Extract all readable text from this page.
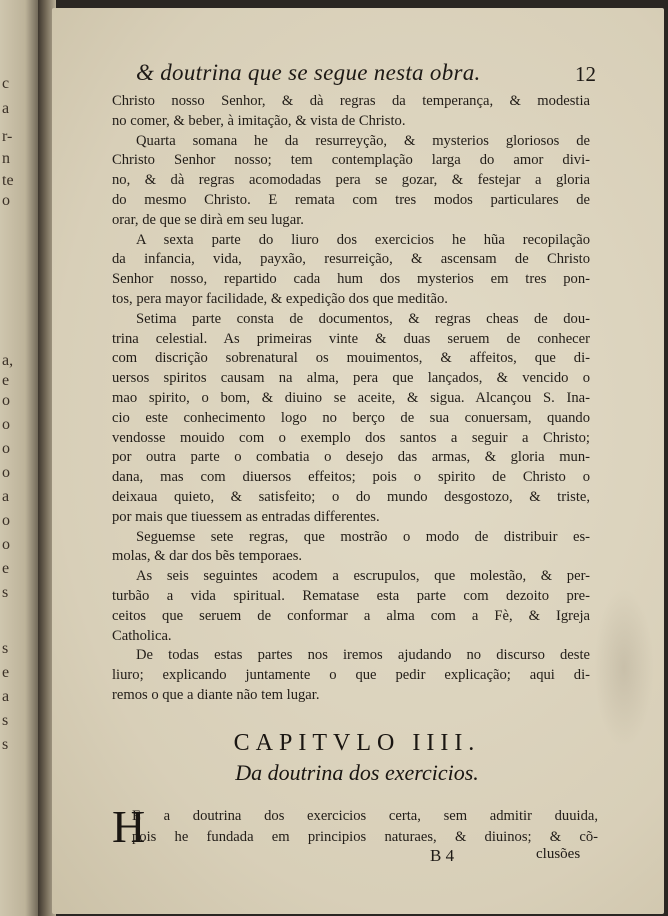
c
a
r-
n
te
o
a,
e
o
o
o
o
a
o
o
e
s
s
e
a
s
s
& doutrina que se segue nesta obra.	12
Christo nosso Senhor, & dà regras da temperança, & modestia
no comer, & beber, à imitação, & vista de Christo.
Quarta somana he da resurreyção, & mysterios gloriosos de
Christo Senhor nosso; tem contemplação larga do amor divi-
no, & dà regras acomodadas pera se gozar, & festejar a gloria
do mesmo Christo. E remata com tres modos particulares de
orar, de que se dirà em seu lugar.
A sexta parte do liuro dos exercicios he hũa recopilação
da infancia, vida, payxão, resurreição, & ascensam de Christo
Senhor nosso, repartido cada hum dos mysterios em tres pon-
tos, pera mayor facilidade, & expedição dos que meditão.
Setima parte consta de documentos, & regras cheas de dou-
trina celestial. As primeiras vinte & duas seruem de conhecer
com discrição sobrenatural os mouimentos, & affeitos, que di-
uersos spiritos causam na alma, pera que lançados, & vencido o
mao spirito, o bom, & diuino se aceite, & sigua. Alcançou S. Ina-
cio este conhecimento logo no berço de sua conuersam, quando
vendosse mouido com o exemplo dos santos a seguir a Christo;
por outra parte o combatia o desejo das armas, & gloria mun-
dana, mas com diuersos effeitos; pois o spirito de Christo o
deixaua quieto, & satisfeito; o do mundo desgostozo, & triste,
por mais que tiuessem as entradas differentes.
Seguemse sete regras, que mostrão o modo de distribuir es-
molas, & dar dos bẽs temporaes.
As seis seguintes acodem a escrupulos, que molestão, & per-
turbão a vida spiritual. Rematase esta parte com dezoito pre-
ceitos que seruem de conformar a alma com a Fè, & Igreja
Catholica.
De todas estas partes nos iremos ajudando no discurso deste
liuro; explicando juntamente o que pedir explicação; aqui di-
remos o que a diante não tem lugar.
CAPITVLO IIII.
Da doutrina dos exercicios.
H
E a doutrina dos exercicios certa, sem admitir duuida,
pois he fundada em principios naturaes, & diuinos; & cõ-
B 4	clusões
